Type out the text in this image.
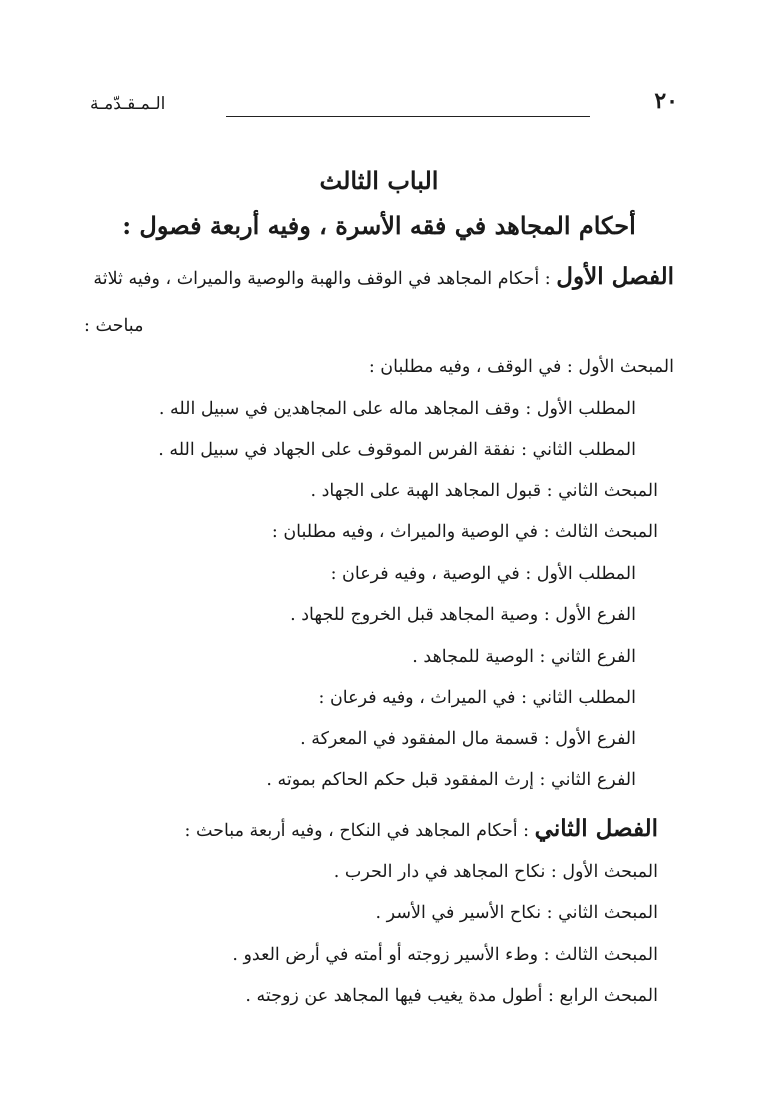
٢٠
الـمـقـدّمـة
الباب الثالث
أحكام المجاهد في فقه الأسرة ، وفيه أربعة فصول :
الفصل الأول : أحكام المجاهد في الوقف والهبة والوصية والميراث ، وفيه ثلاثة
مباحث :
المبحث الأول : في الوقف ، وفيه مطلبان :
المطلب الأول : وقف المجاهد ماله على المجاهدين في سبيل الله .
المطلب الثاني : نفقة الفرس الموقوف على الجهاد في سبيل الله .
المبحث الثاني : قبول المجاهد الهبة على الجهاد .
المبحث الثالث : في الوصية والميراث ، وفيه مطلبان :
المطلب الأول : في الوصية ، وفيه فرعان :
الفرع الأول : وصية المجاهد قبل الخروج للجهاد .
الفرع الثاني : الوصية للمجاهد .
المطلب الثاني : في الميراث ، وفيه فرعان :
الفرع الأول : قسمة مال المفقود في المعركة .
الفرع الثاني : إرث المفقود قبل حكم الحاكم بموته .
الفصل الثاني : أحكام المجاهد في النكاح ، وفيه أربعة مباحث :
المبحث الأول : نكاح المجاهد في دار الحرب .
المبحث الثاني : نكاح الأسير في الأسر .
المبحث الثالث : وطء الأسير زوجته أو أمته في أرض العدو .
المبحث الرابع : أطول مدة يغيب فيها المجاهد عن زوجته .
